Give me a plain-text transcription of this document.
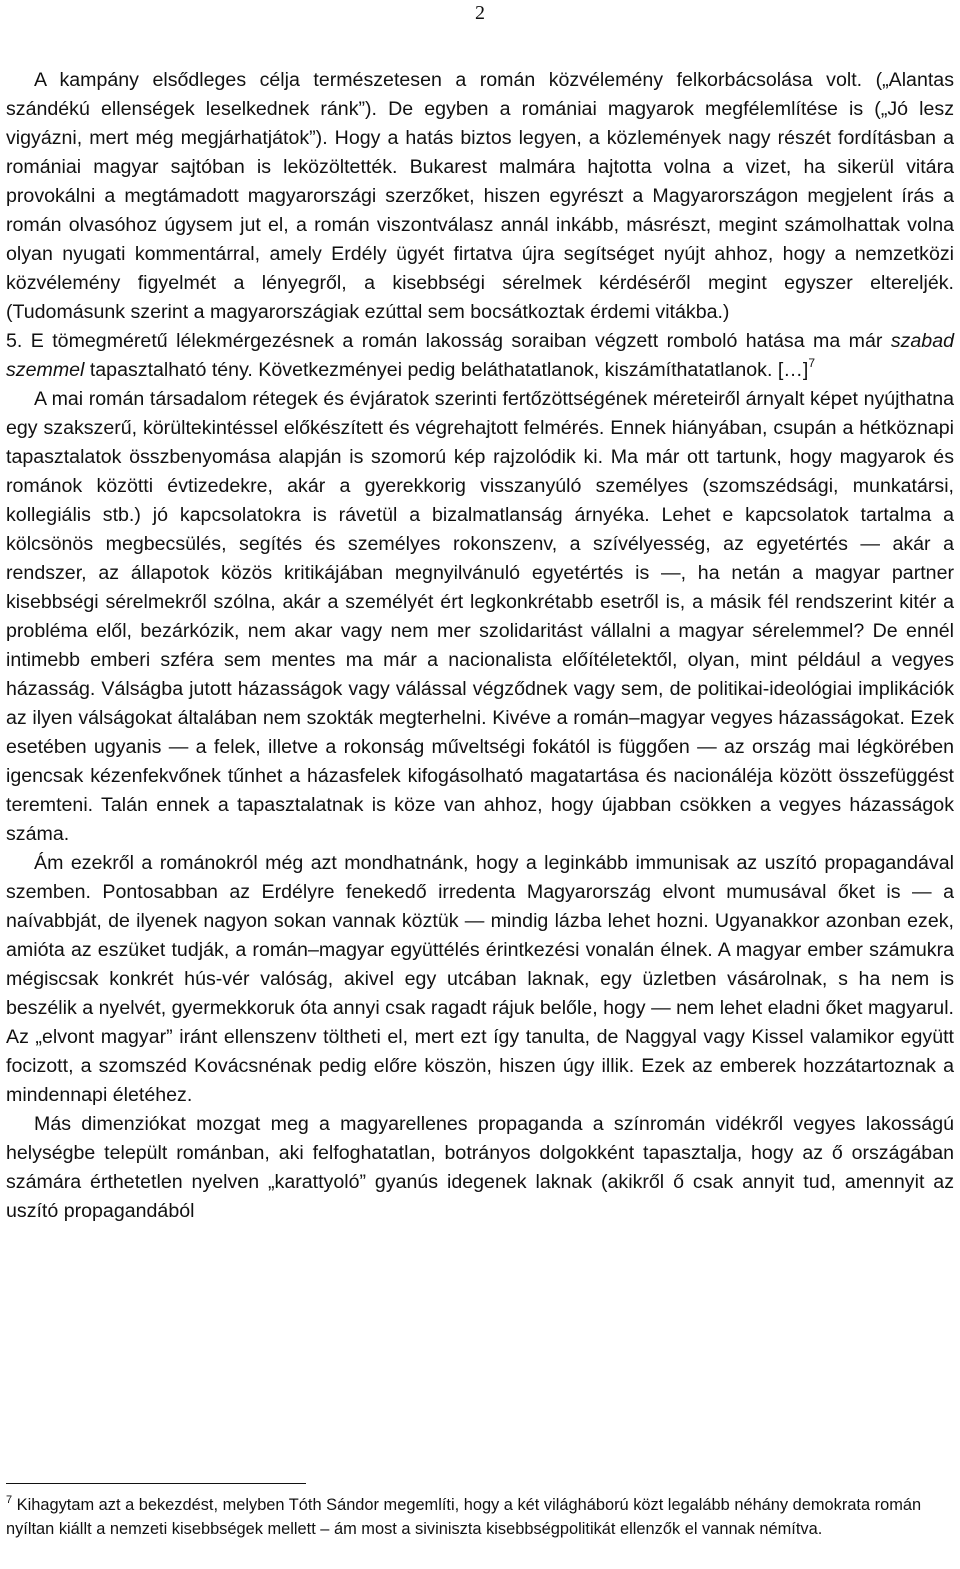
2

A kampány elsődleges célja természetesen a román közvélemény felkorbácsolása volt. („Alantas szándékú ellenségek leselkednek ránk”). De egyben a romániai magyarok megfélemlítése is („Jó lesz vigyázni, mert még megjárhatjátok”). Hogy a hatás biztos legyen, a közlemények nagy részét fordításban a romániai magyar sajtóban is leközöltették. Bukarest malmára hajtotta volna a vizet, ha sikerül vitára provokálni a megtámadott magyarországi szerzőket, hiszen egyrészt a Magyarországon megjelent írás a román olvasóhoz úgysem jut el, a román viszontválasz annál inkább, másrészt, megint számolhattak volna olyan nyugati kommentárral, amely Erdély ügyét firtatva újra segítséget nyújt ahhoz, hogy a nemzetközi közvélemény figyelmét a lényegről, a kisebbségi sérelmek kérdéséről megint egyszer eltereljék. (Tudomásunk szerint a magyarországiak ezúttal sem bocsátkoztak érdemi vitákba.)

5. E tömegméretű lélekmérgezésnek a román lakosság soraiban végzett romboló hatása ma már szabad szemmel tapasztalható tény. Következményei pedig beláthatatlanok, kiszámíthatatlanok. […]$^7$

A mai román társadalom rétegek és évjáratok szerinti fertőzöttségének méreteiről árnyalt képet nyújthatna egy szakszerű, körültekintéssel előkészített és végrehajtott felmérés. Ennek hiányában, csupán a hétköznapi tapasztalatok összbenyomása alapján is szomorú kép rajzolódik ki. Ma már ott tartunk, hogy magyarok és románok közötti évtizedekre, akár a gyerekkorig visszanyúló személyes (szomszédsági, munkatársi, kollegiális stb.) jó kapcsolatokra is rávetül a bizalmatlanság árnyéka. Lehet e kapcsolatok tartalma a kölcsönös megbecsülés, segítés és személyes rokonszenv, a szívélyesség, az egyetértés — akár a rendszer, az állapotok közös kritikájában megnyilvánuló egyetértés is —, ha netán a magyar partner kisebbségi sérelmekről szólna, akár a személyét ért legkonkrétabb esetről is, a másik fél rendszerint kitér a probléma elől, bezárkózik, nem akar vagy nem mer szolidaritást vállalni a magyar sérelemmel? De ennél intimebb emberi szféra sem mentes ma már a nacionalista előítéletektől, olyan, mint például a vegyes házasság. Válságba jutott házasságok vagy válással végződnek vagy sem, de politikai-ideológiai implikációk az ilyen válságokat általában nem szokták megterhelni. Kivéve a román–magyar vegyes házasságokat. Ezek esetében ugyanis — a felek, illetve a rokonság műveltségi fokától is függően — az ország mai légkörében igencsak kézenfekvőnek tűnhet a házasfelek kifogásolható magatartása és nacionáléja között összefüggést teremteni. Talán ennek a tapasztalatnak is köze van ahhoz, hogy újabban csökken a vegyes házasságok száma.

Ám ezekről a románokról még azt mondhatnánk, hogy a leginkább immunisak az uszító propagandával szemben. Pontosabban az Erdélyre fenekedő irredenta Magyarország elvont mumusával őket is — a naívabbját, de ilyenek nagyon sokan vannak köztük — mindig lázba lehet hozni. Ugyanakkor azonban ezek, amióta az eszüket tudják, a román–magyar együttélés érintkezési vonalán élnek. A magyar ember számukra mégiscsak konkrét hús-vér valóság, akivel egy utcában laknak, egy üzletben vásárolnak, s ha nem is beszélik a nyelvét, gyermekkoruk óta annyi csak ragadt rájuk belőle, hogy — nem lehet eladni őket magyarul. Az „elvont magyar” iránt ellenszenv töltheti el, mert ezt így tanulta, de Naggyal vagy Kissel valamikor együtt focizott, a szomszéd Kovácsnénak pedig előre köszön, hiszen úgy illik. Ezek az emberek hozzátartoznak a mindennapi életéhez.

Más dimenziókat mozgat meg a magyarellenes propaganda a színromán vidékről vegyes lakosságú helységbe települt románban, aki felfoghatatlan, botrányos dolgokként tapasztalja, hogy az ő országában számára érthetetlen nyelven „karattyoló” gyanús idegenek laknak (akikről ő csak annyit tud, amennyit az uszító propagandából

$^7$ Kihagytam azt a bekezdést, melyben Tóth Sándor megemlíti, hogy a két világháború közt legalább néhány demokrata román nyíltan kiállt a nemzeti kisebbségek mellett – ám most a sivinisztа kisebbségpolitikát ellenzők el vannak némítva.
